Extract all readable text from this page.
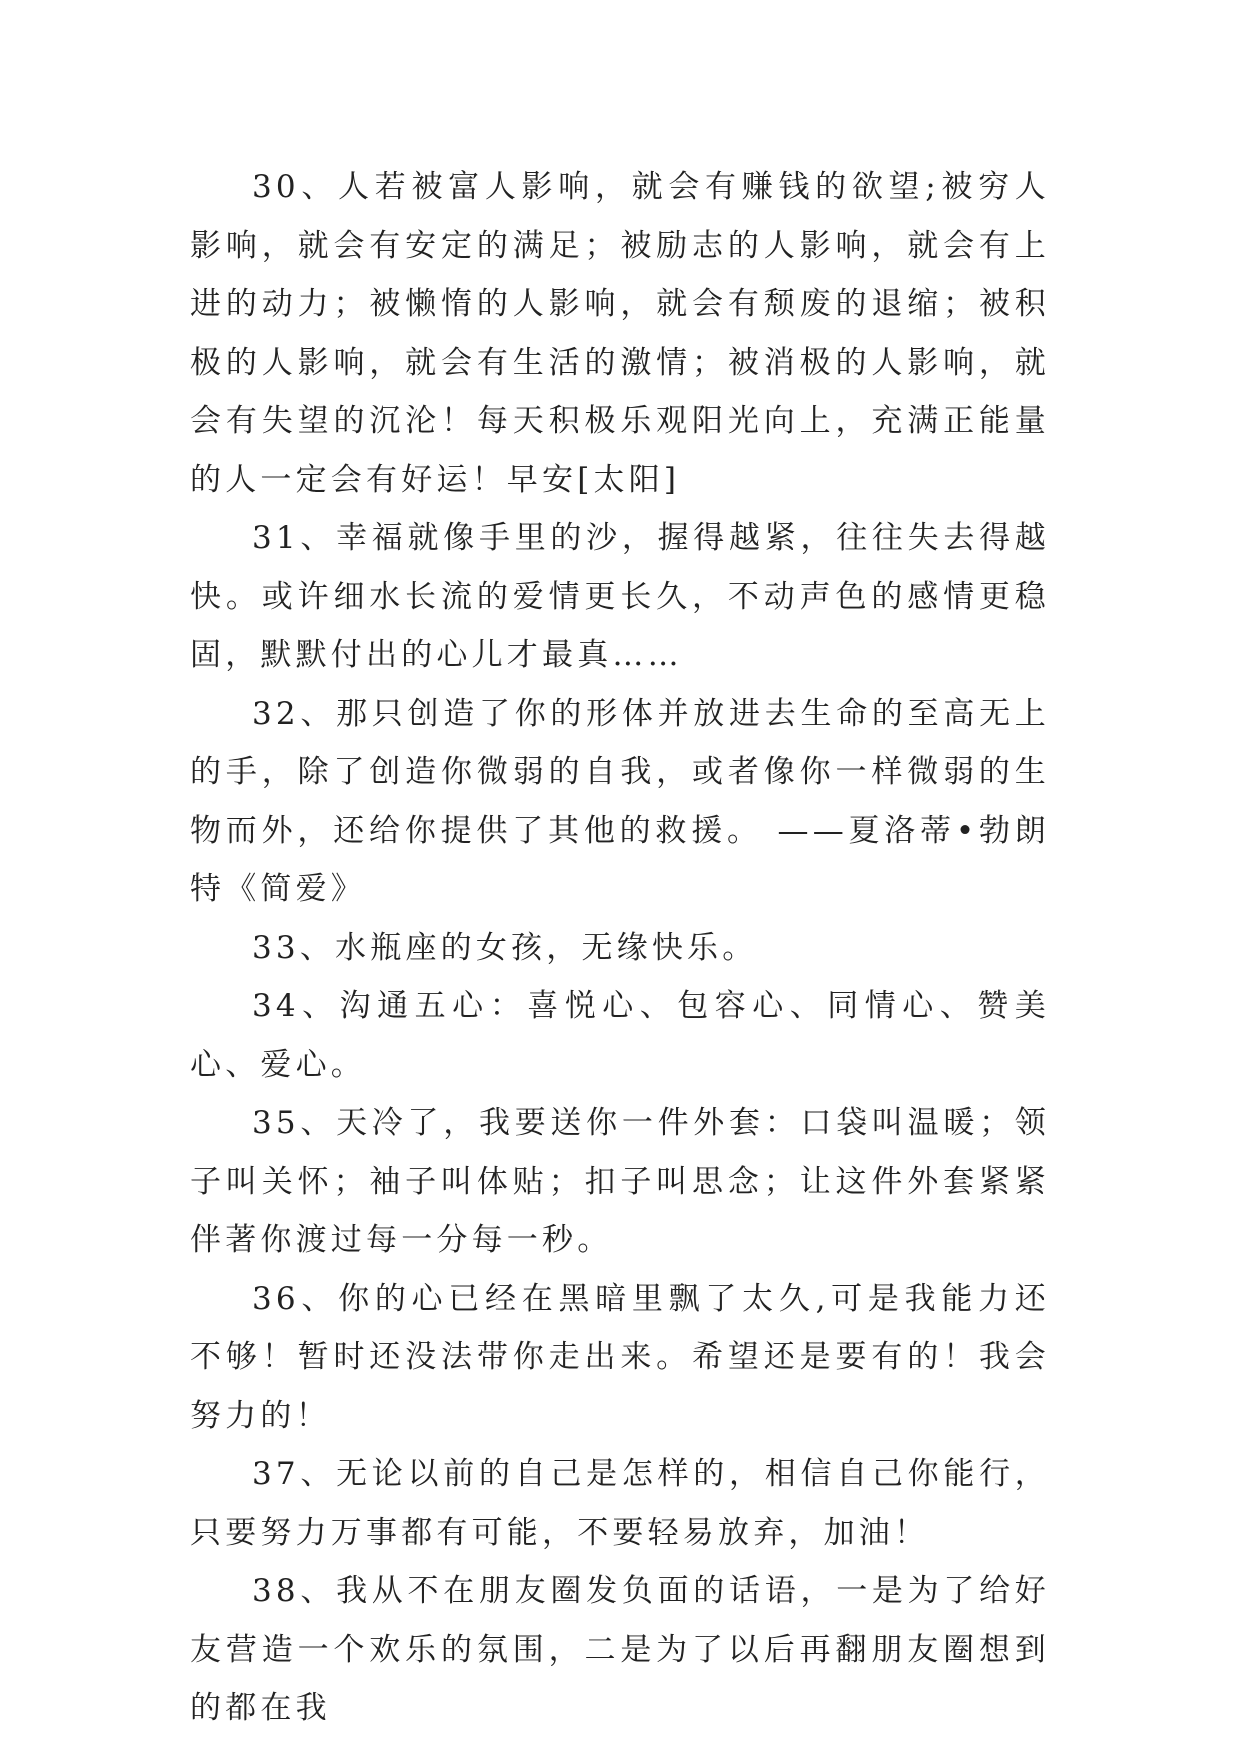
30、人若被富人影响，就会有赚钱的欲望;被穷人影响，就会有安定的满足；被励志的人影响，就会有上进的动力；被懒惰的人影响，就会有颓废的退缩；被积极的人影响，就会有生活的激情；被消极的人影响，就会有失望的沉沦！每天积极乐观阳光向上，充满正能量的人一定会有好运！早安[太阳]

31、幸福就像手里的沙，握得越紧，往往失去得越快。或许细水长流的爱情更长久，不动声色的感情更稳固，默默付出的心儿才最真……

32、那只创造了你的形体并放进去生命的至高无上的手，除了创造你微弱的自我，或者像你一样微弱的生物而外，还给你提供了其他的救援。 ——夏洛蒂•勃朗特《简爱》

33、水瓶座的女孩，无缘快乐。

34、沟通五心：喜悦心、包容心、同情心、赞美心、爱心。

35、天冷了，我要送你一件外套：口袋叫温暖；领子叫关怀；袖子叫体贴；扣子叫思念；让这件外套紧紧伴著你渡过每一分每一秒。

36、你的心已经在黑暗里飘了太久,可是我能力还不够！暂时还没法带你走出来。希望还是要有的！我会努力的！

37、无论以前的自己是怎样的，相信自己你能行，只要努力万事都有可能，不要轻易放弃，加油！

38、我从不在朋友圈发负面的话语，一是为了给好友营造一个欢乐的氛围，二是为了以后再翻朋友圈想到的都在我
